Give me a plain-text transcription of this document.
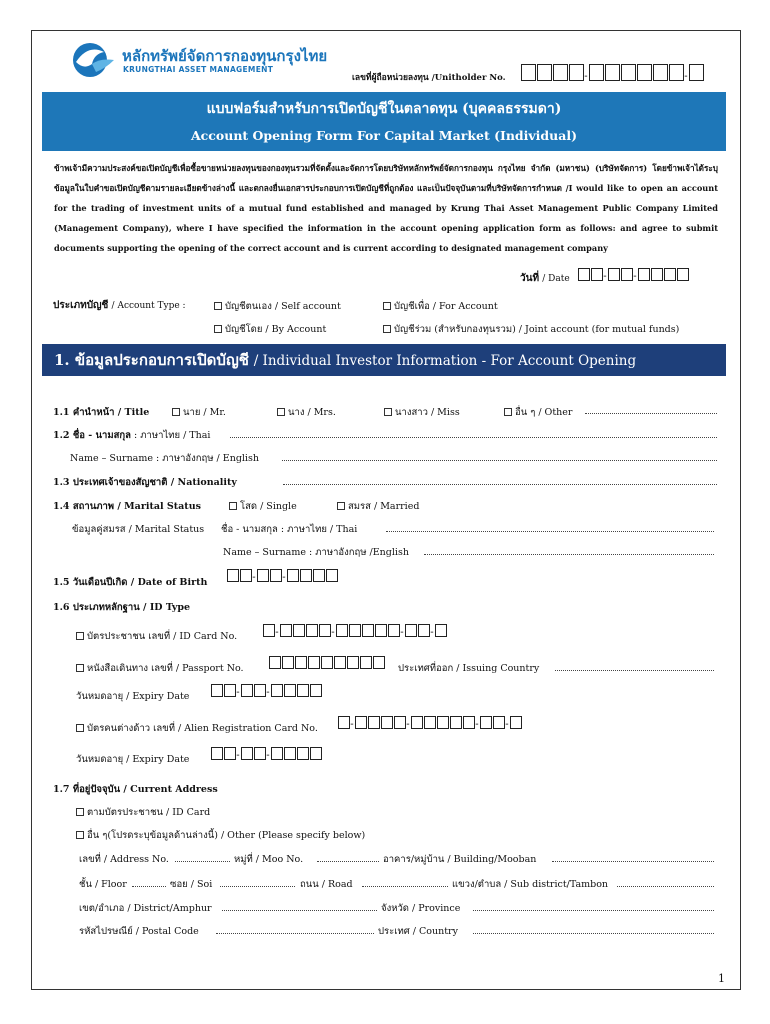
หลักทรัพย์จัดการกองทุนกรุงไทย
KRUNGTHAI ASSET MANAGEMENT
เลขที่ผู้ถือหน่วยลงทุน /Unitholder No.	-	-
แบบฟอร์มสำหรับการเปิดบัญชีในตลาดทุน (บุคคลธรรมดา)
Account Opening Form For Capital Market (Individual)
ข้าพเจ้ามีความประสงค์ขอเปิดบัญชีเพื่อซื้อขายหน่วยลงทุนของกองทุนรวมที่จัดตั้งและจัดการโดยบริษัทหลักทรัพย์จัดการกองทุน กรุงไทย จำกัด (มหาชน) (บริษัทจัดการ) โดยข้าพเจ้าได้ระบุข้อมูลในใบคำขอเปิดบัญชีตามรายละเอียดข้างล่างนี้ และตกลงยื่นเอกสารประกอบการเปิดบัญชีที่ถูกต้อง และเป็นปัจจุบันตามที่บริษัทจัดการกำหนด /I would like to open an account for the trading of investment units of a mutual fund established and managed by Krung Thai Asset Management Public Company Limited (Management Company), where I have specified the information in the account opening application form as follows: and agree to submit documents supporting the opening of the correct account and is current according to designated management company
วันที่ / Date	-	-
ประเภทบัญชี / Account Type :	บัญชีตนเอง / Self account	บัญชีเพื่อ / For Account
บัญชีโดย / By Account	บัญชีร่วม (สำหรับกองทุนรวม) / Joint account (for mutual funds)
1. ข้อมูลประกอบการเปิดบัญชี / Individual Investor Information - For Account Opening
1.1 คำนำหน้า / Title	นาย / Mr.	นาง / Mrs.	นางสาว / Miss	อื่น ๆ / Other
1.2 ชื่อ - นามสกุล : ภาษาไทย / Thai
Name – Surname : ภาษาอังกฤษ / English
1.3 ประเทศเจ้าของสัญชาติ / Nationality
1.4 สถานภาพ / Marital Status	โสด / Single	สมรส / Married
ข้อมูลคู่สมรส / Marital Status ชื่อ - นามสกุล : ภาษาไทย / Thai
Name – Surname : ภาษาอังกฤษ /English
1.5 วันเดือนปีเกิด / Date of Birth	-	-
1.6 ประเภทหลักฐาน / ID Type
บัตรประชาชน เลขที่ / ID Card No.	-	-	-	-
หนังสือเดินทาง เลขที่ / Passport No.	ประเทศที่ออก / Issuing Country
วันหมดอายุ / Expiry Date	-	-
บัตรคนต่างด้าว เลขที่ / Alien Registration Card No.	-	-	-	-
วันหมดอายุ / Expiry Date	-	-
1.7 ที่อยู่ปัจจุบัน / Current Address
ตามบัตรประชาชน / ID Card
อื่น ๆ(โปรดระบุข้อมูลด้านล่างนี้) / Other (Please specify below)
เลขที่ / Address No.	หมู่ที่ / Moo No.	อาคาร/หมู่บ้าน / Building/Mooban
ชั้น / Floor	ซอย / Soi	ถนน / Road	แขวง/ตำบล / Sub district/Tambon
เขต/อำเภอ / District/Amphur	จังหวัด / Province
รหัสไปรษณีย์ / Postal Code	ประเทศ / Country
1
